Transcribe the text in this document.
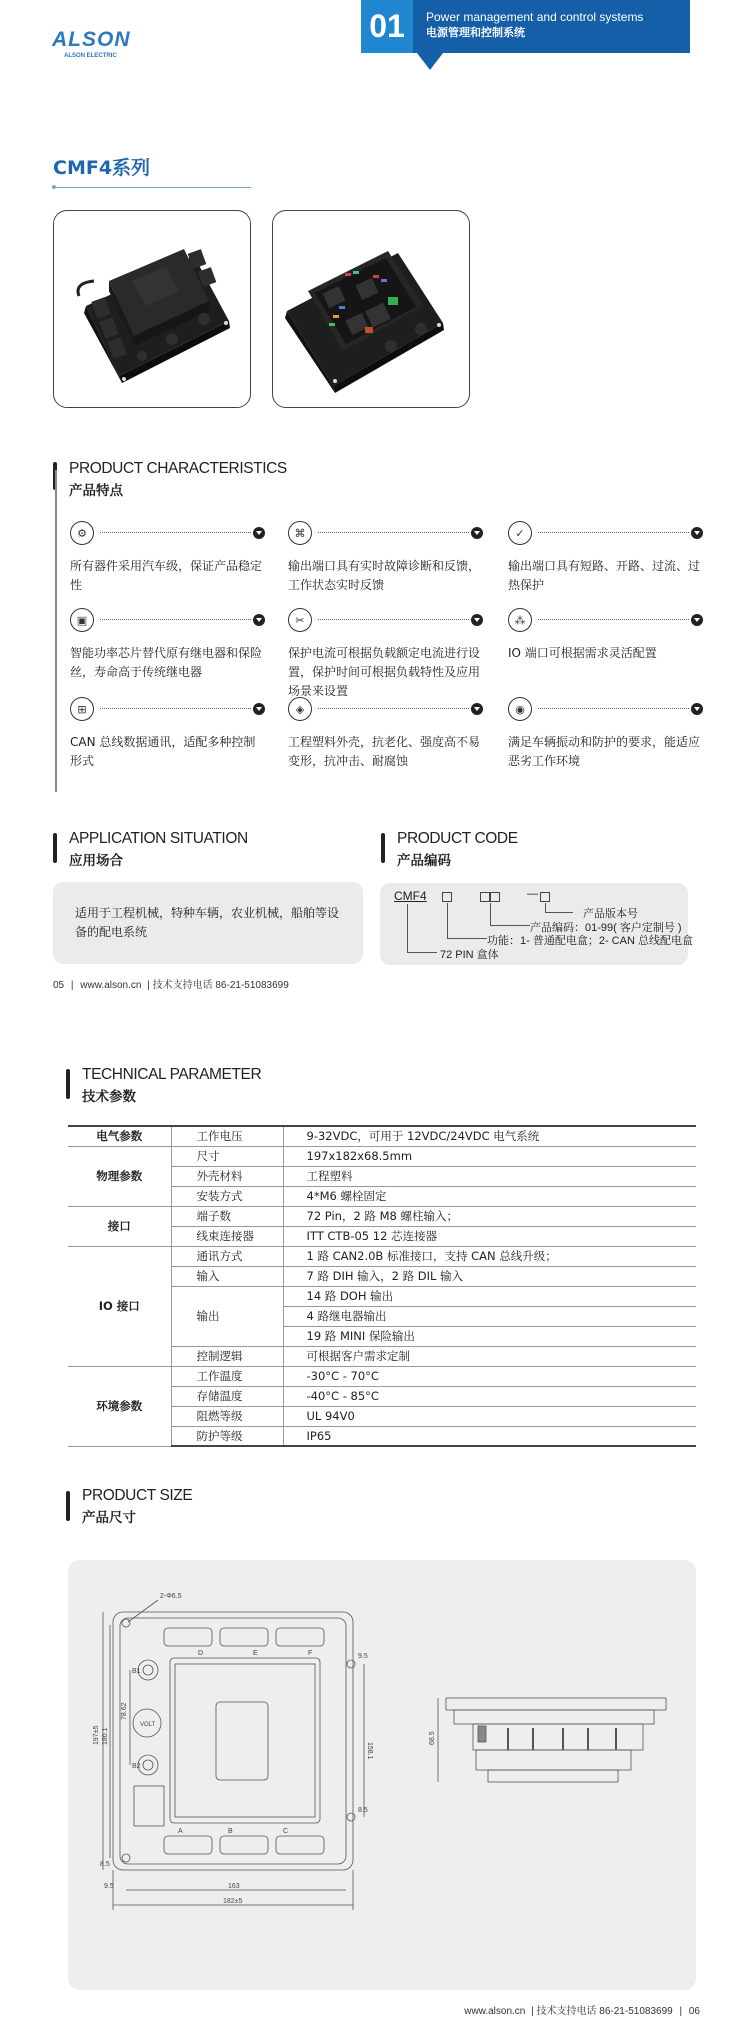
ALSON
ALSON ELECTRIC
01	Power management and control systems
电源管理和控制系统
CMF4系列
PRODUCT CHARACTERISTICS
产品特点
⚙
所有器件采用汽车级，保证产品稳定性
⌘
输出端口具有实时故障诊断和反馈，工作状态实时反馈
✓
输出端口具有短路、开路、过流、过热保护
▣
智能功率芯片替代原有继电器和保险丝，寿命高于传统继电器
✂
保护电流可根据负载额定电流进行设置，保护时间可根据负载特性及应用场景来设置
⁂
IO 端口可根据需求灵活配置
⊞
CAN 总线数据通讯，适配多种控制形式
◈
工程塑料外壳，抗老化、强度高不易变形，抗冲击、耐腐蚀
◉
满足车辆振动和防护的要求，能适应恶劣工作环境
APPLICATION SITUATION
应用场合
适用于工程机械，特种车辆，农业机械，船舶等设备的配电系统
PRODUCT CODE
产品编码
CMF4	—
产品版本号
产品编码：01-99( 客户定制号 )
功能：1- 普通配电盒；2- CAN 总线配电盒
72 PIN 盒体
05 | www.alson.cn | 技术支持电话 86-21-51083699
TECHNICAL PARAMETER
技术参数
电气参数	工作电压	9-32VDC，可用于 12VDC/24VDC 电气系统
物理参数	尺寸	197x182x68.5mm
	外壳材料	工程塑料
	安装方式	4*M6 螺栓固定
接口	端子数	72 Pin，2 路 M8 螺柱输入；
	线束连接器	ITT CTB-05 12 芯连接器
IO 接口	通讯方式	1 路 CAN2.0B 标准接口，支持 CAN 总线升级；
	输入	7 路 DIH 输入，2 路 DIL 输入
	输出	14 路 DOH 输出
		4 路继电器输出
		19 路 MINI 保险输出
	控制逻辑	可根据客户需求定制
环境参数	工作温度	-30°C - 70°C
	存储温度	-40°C - 85°C
	阻燃等级	UL 94V0
	防护等级	IP65
PRODUCT SIZE
产品尺寸
2-Φ6.5
197±5 180.1
78.62
158.1
9.5
8.5
8.5
9.5	163
182±5
68.5
A	B	C
D	E	F
B1
B2
VOLT
www.alson.cn | 技术支持电话 86-21-51083699 | 06
